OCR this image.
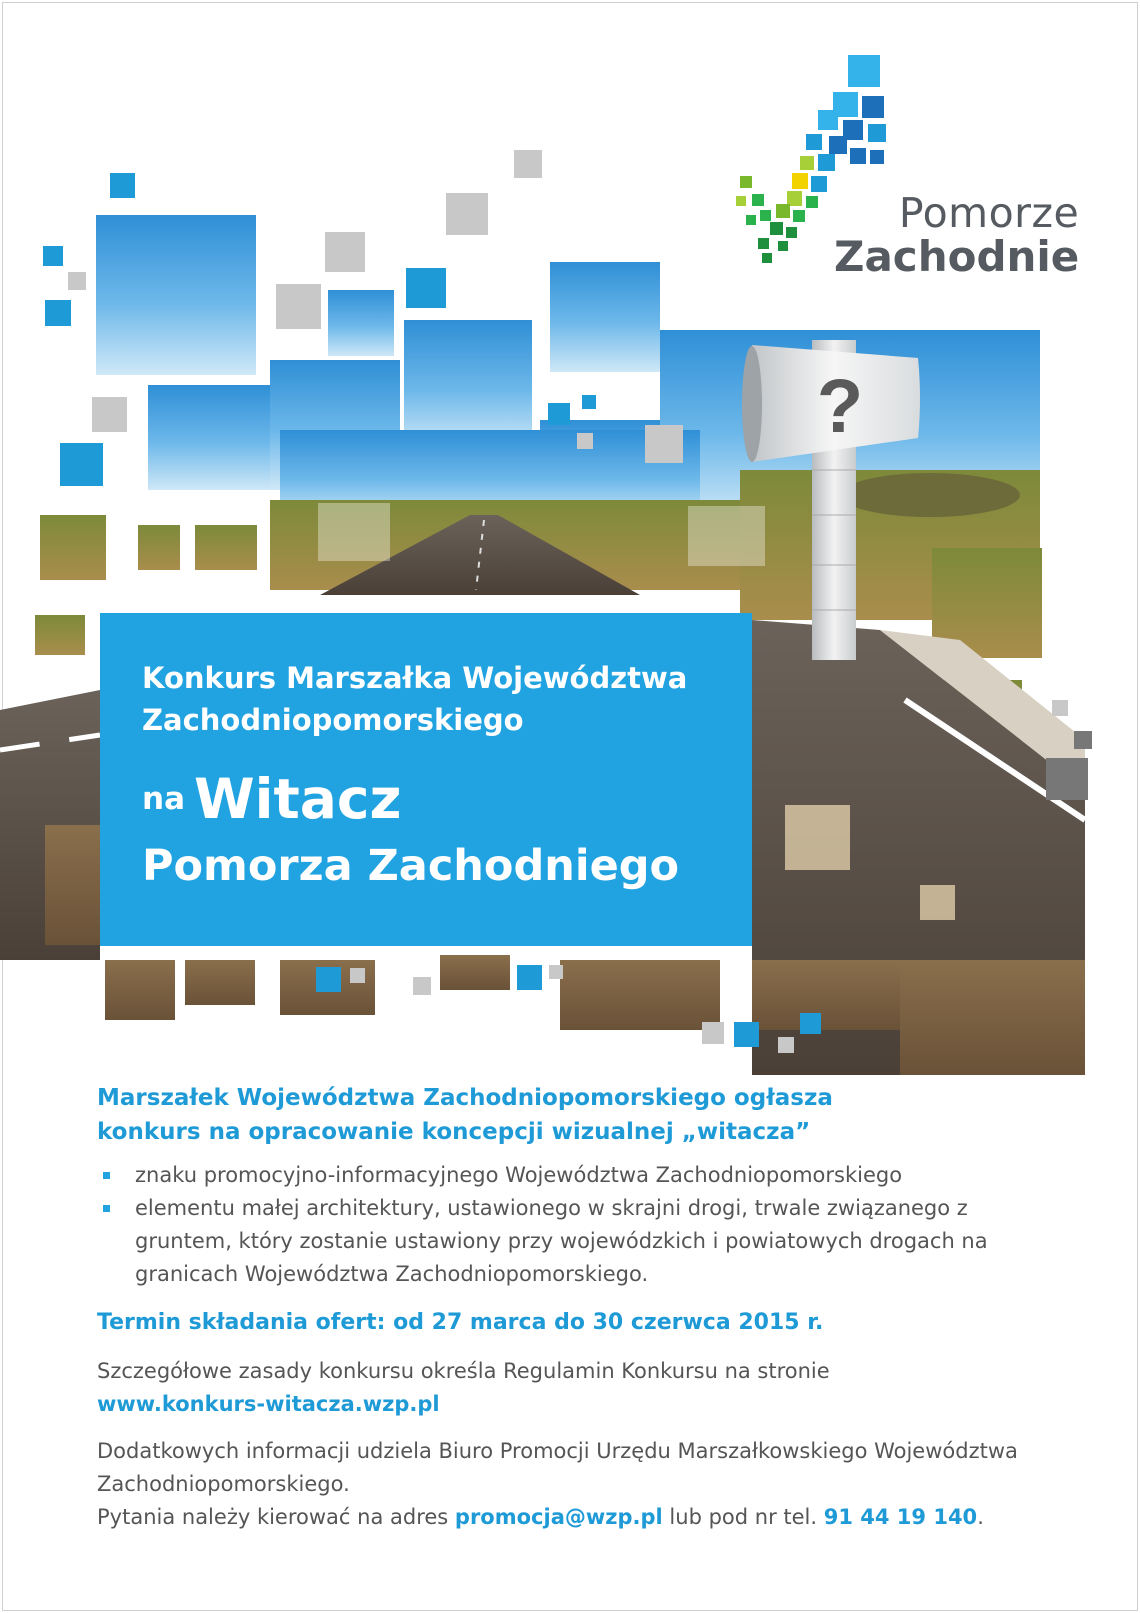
?
Pomorze
Zachodnie
Konkurs Marszałka Województwa
Zachodniopomorskiego
na Witacz
Pomorza Zachodniego

Marszałek Województwa Zachodniopomorskiego ogłasza
konkurs na opracowanie koncepcji wizualnej „witacza”

znaku promocyjno-informacyjnego Województwa Zachodniopomorskiego
elementu małej architektury, ustawionego w skrajni drogi, trwale związanego z gruntem, który zostanie ustawiony przy wojewódzkich i powiatowych drogach na granicach Województwa Zachodniopomorskiego.
Termin składania ofert: od 27 marca do 30 czerwca 2015 r.
Szczegółowe zasady konkursu określa Regulamin Konkursu na stronie
www.konkurs-witacza.wzp.pl
Dodatkowych informacji udziela Biuro Promocji Urzędu Marszałkowskiego Województwa Zachodniopomorskiego.
Pytania należy kierować na adres promocja@wzp.pl lub pod nr tel. 91 44 19 140.
